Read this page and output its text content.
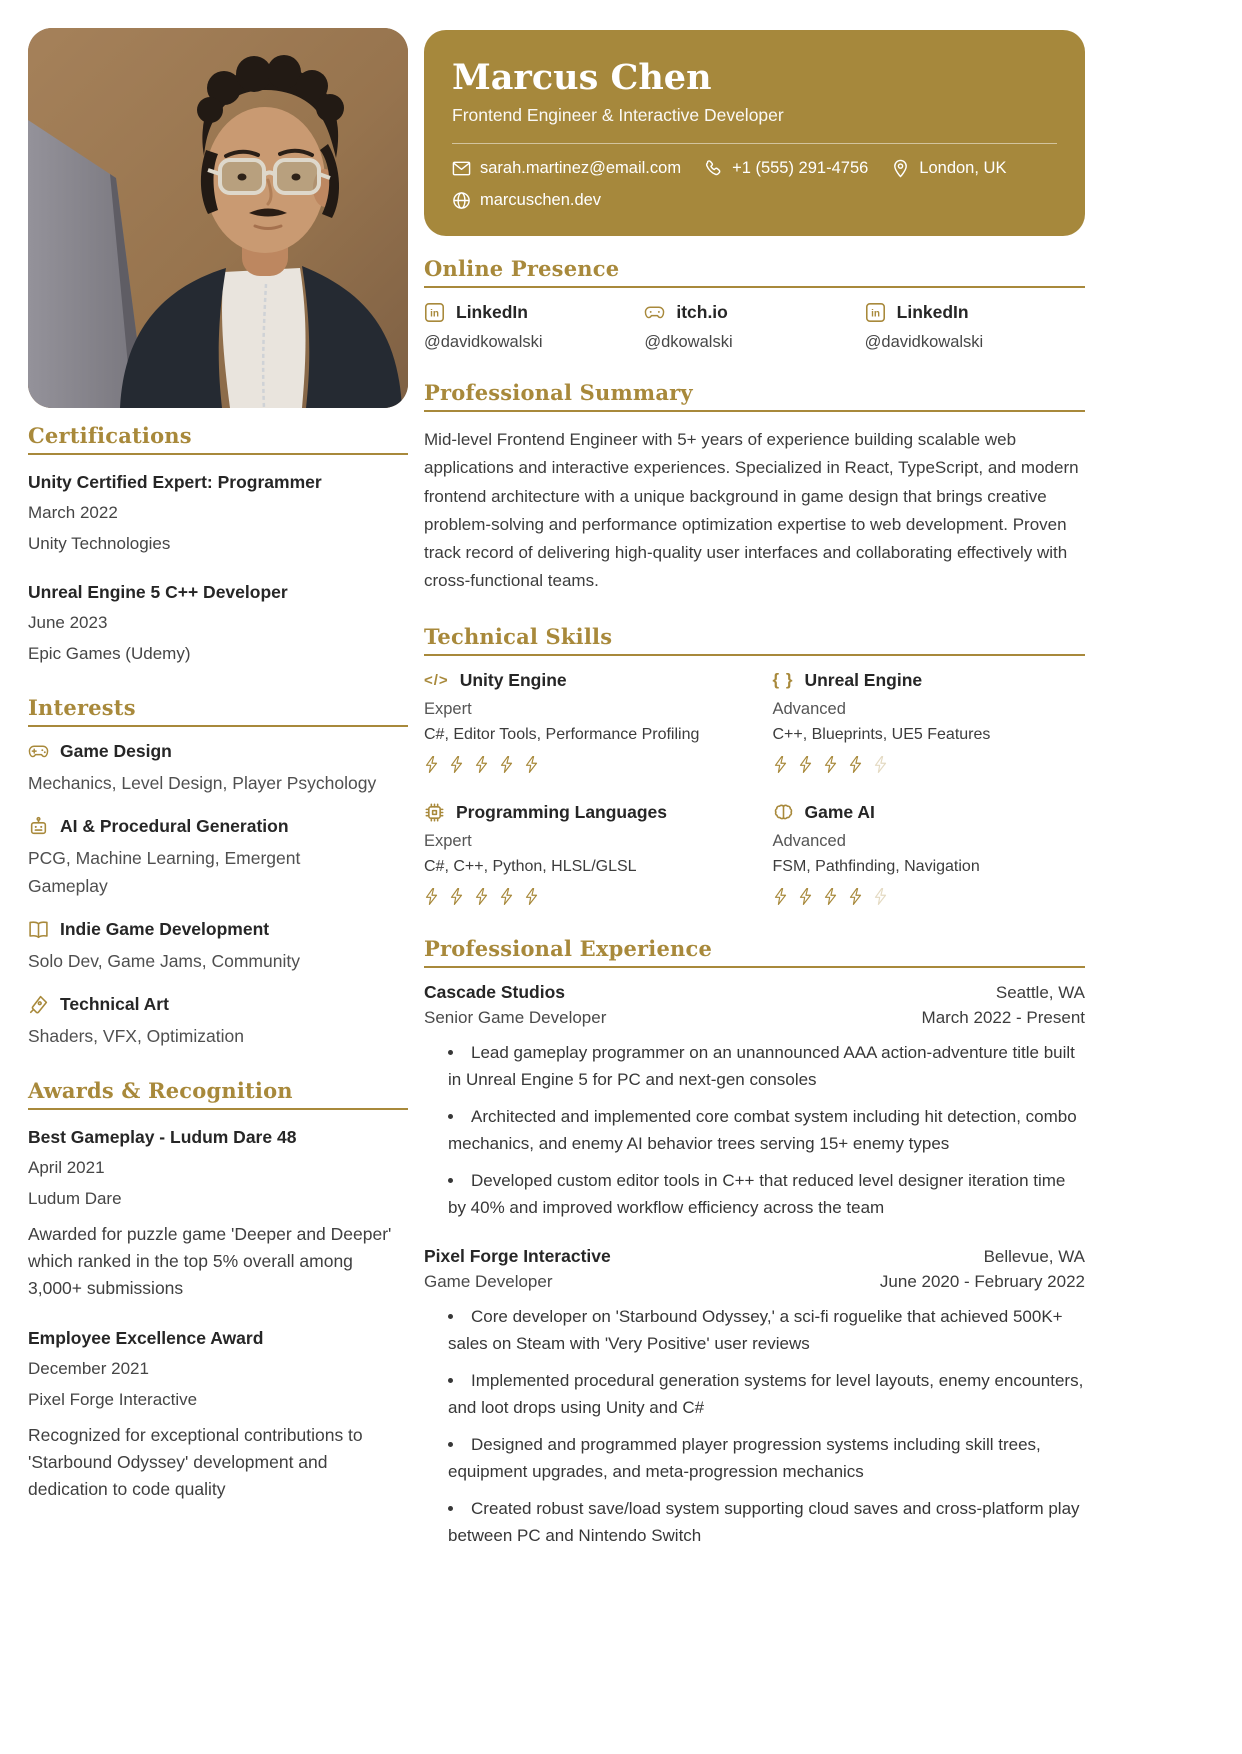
Certifications
Unity Certified Expert: Programmer
March 2022
Unity Technologies
Unreal Engine 5 C++ Developer
June 2023
Epic Games (Udemy)
Interests
Game Design
Mechanics, Level Design, Player Psychology
AI & Procedural Generation
PCG, Machine Learning, Emergent Gameplay
Indie Game Development
Solo Dev, Game Jams, Community
Technical Art
Shaders, VFX, Optimization
Awards & Recognition
Best Gameplay - Ludum Dare 48
April 2021
Ludum Dare
Awarded for puzzle game 'Deeper and Deeper' which ranked in the top 5% overall among 3,000+ submissions
Employee Excellence Award
December 2021
Pixel Forge Interactive
Recognized for exceptional contributions to 'Starbound Odyssey' development and dedication to code quality
Marcus Chen
Frontend Engineer & Interactive Developer
sarah.martinez@email.com	+1 (555) 291-4756	London, UK
marcuschen.dev
Online Presence
in LinkedIn
@davidkowalski
itch.io
@dkowalski
in LinkedIn
@davidkowalski
Professional Summary

Mid-level Frontend Engineer with 5+ years of experience building scalable web applications and interactive experiences. Specialized in React, TypeScript, and modern frontend architecture with a unique background in game design that brings creative problem-solving and performance optimization expertise to web development. Proven track record of delivering high-quality user interfaces and collaborating effectively with cross-functional teams.

Technical Skills
</> Unity Engine
Expert
C#, Editor Tools, Performance Profiling
{ } Unreal Engine
Advanced
C++, Blueprints, UE5 Features
Programming Languages
Expert
C#, C++, Python, HLSL/GLSL
Game AI
Advanced
FSM, Pathfinding, Navigation
Professional Experience
Cascade Studios	Seattle, WA
Senior Game Developer	March 2022 - Present
• Lead gameplay programmer on an unannounced AAA action-adventure title built in Unreal Engine 5 for PC and next-gen consoles
• Architected and implemented core combat system including hit detection, combo mechanics, and enemy AI behavior trees serving 15+ enemy types
• Developed custom editor tools in C++ that reduced level designer iteration time by 40% and improved workflow efficiency across the team
Pixel Forge Interactive	Bellevue, WA
Game Developer	June 2020 - February 2022
• Core developer on 'Starbound Odyssey,' a sci-fi roguelike that achieved 500K+ sales on Steam with 'Very Positive' user reviews
• Implemented procedural generation systems for level layouts, enemy encounters, and loot drops using Unity and C#
• Designed and programmed player progression systems including skill trees, equipment upgrades, and meta-progression mechanics
• Created robust save/load system supporting cloud saves and cross-platform play between PC and Nintendo Switch
